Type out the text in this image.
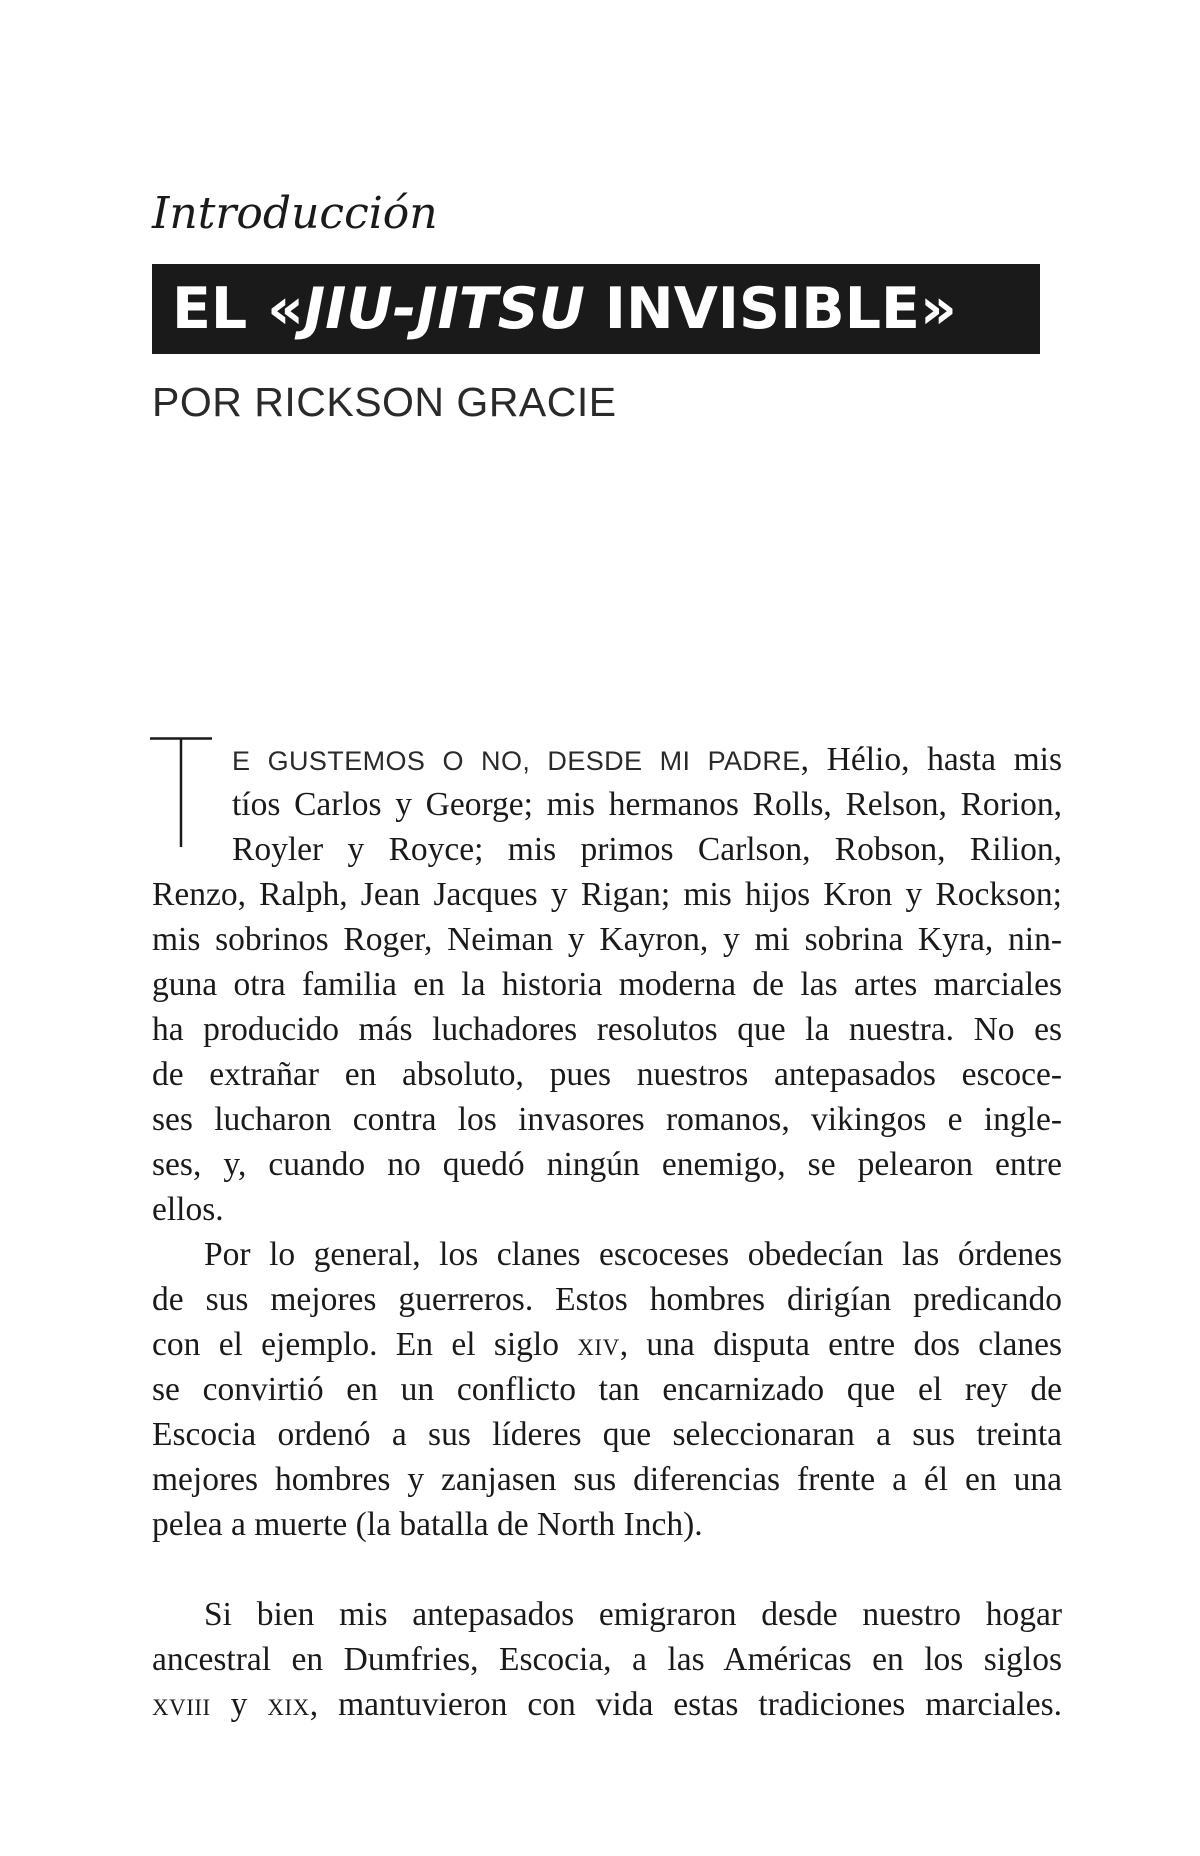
Introducción
EL «JIU-JITSU INVISIBLE»
POR RICKSON GRACIE
T
E GUSTEMOS O NO, DESDE MI PADRE, Hélio, hasta mis
tíos Carlos y George; mis hermanos Rolls, Relson, Rorion,
Royler y Royce; mis primos Carlson, Robson, Rilion,
Renzo, Ralph, Jean Jacques y Rigan; mis hijos Kron y Rockson;
mis sobrinos Roger, Neiman y Kayron, y mi sobrina Kyra, nin-
guna otra familia en la historia moderna de las artes marciales
ha producido más luchadores resolutos que la nuestra. No es
de extrañar en absoluto, pues nuestros antepasados escoce-
ses lucharon contra los invasores romanos, vikingos e ingle-
ses, y, cuando no quedó ningún enemigo, se pelearon entre
ellos.
Por lo general, los clanes escoceses obedecían las órdenes
de sus mejores guerreros. Estos hombres dirigían predicando
con el ejemplo. En el siglo xiv, una disputa entre dos clanes
se convirtió en un conflicto tan encarnizado que el rey de
Escocia ordenó a sus líderes que seleccionaran a sus treinta
mejores hombres y zanjasen sus diferencias frente a él en una
pelea a muerte (la batalla de North Inch).
Si bien mis antepasados emigraron desde nuestro hogar
ancestral en Dumfries, Escocia, a las Américas en los siglos
xviii y xix, mantuvieron con vida estas tradiciones marciales.
